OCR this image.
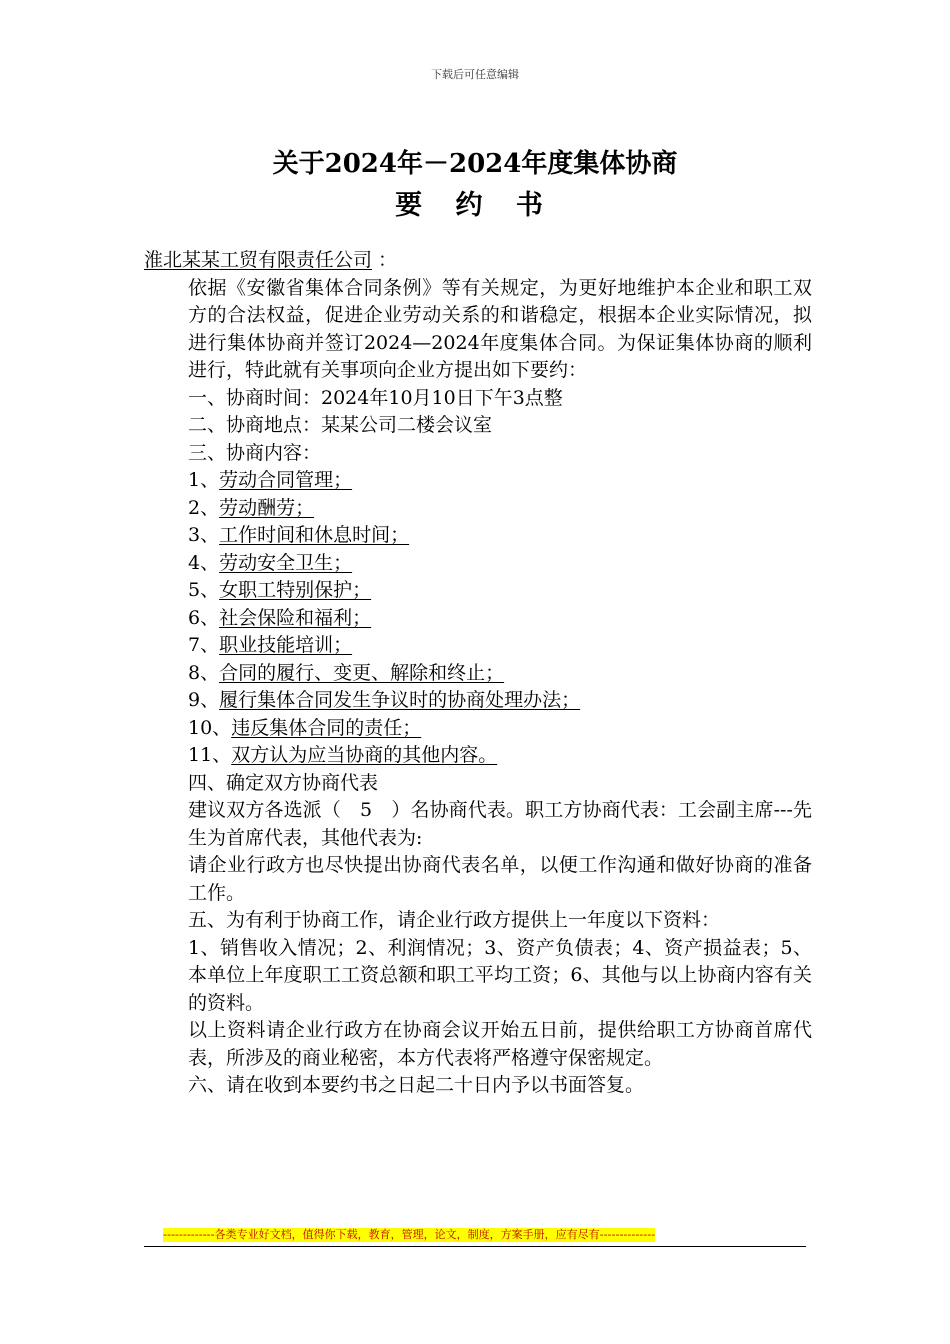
下载后可任意编辑
关于2024年－2024年度集体协商
要 约 书
淮北某某工贸有限责任公司 ：
依据《安徽省集体合同条例》等有关规定，为更好地维护本企业和职工双方的合法权益，促进企业劳动关系的和谐稳定，根据本企业实际情况，拟进行集体协商并签订2024—2024年度集体合同。为保证集体协商的顺利进行，特此就有关事项向企业方提出如下要约：
一、协商时间：2024年10月10日下午3点整
二、协商地点：某某公司二楼会议室
三、协商内容：
1、劳动合同管理；
2、劳动酬劳；
3、工作时间和休息时间；
4、劳动安全卫生；
5、女职工特别保护；
6、社会保险和福利；
7、职业技能培训；
8、合同的履行、变更、解除和终止；
9、履行集体合同发生争议时的协商处理办法；
10、违反集体合同的责任；
11、双方认为应当协商的其他内容。
四、确定双方协商代表
建议双方各选派（　5　）名协商代表。职工方协商代表：工会副主席---先生为首席代表，其他代表为:
请企业行政方也尽快提出协商代表名单，以便工作沟通和做好协商的准备工作。
五、为有利于协商工作，请企业行政方提供上一年度以下资料：
1、销售收入情况；2、利润情况；3、资产负债表；4、资产损益表；5、本单位上年度职工工资总额和职工平均工资；6、其他与以上协商内容有关的资料。
以上资料请企业行政方在协商会议开始五日前，提供给职工方协商首席代表，所涉及的商业秘密，本方代表将严格遵守保密规定。
六、请在收到本要约书之日起二十日内予以书面答复。
-------------各类专业好文档，值得你下载，教育，管理，论文，制度，方案手册，应有尽有--------------
